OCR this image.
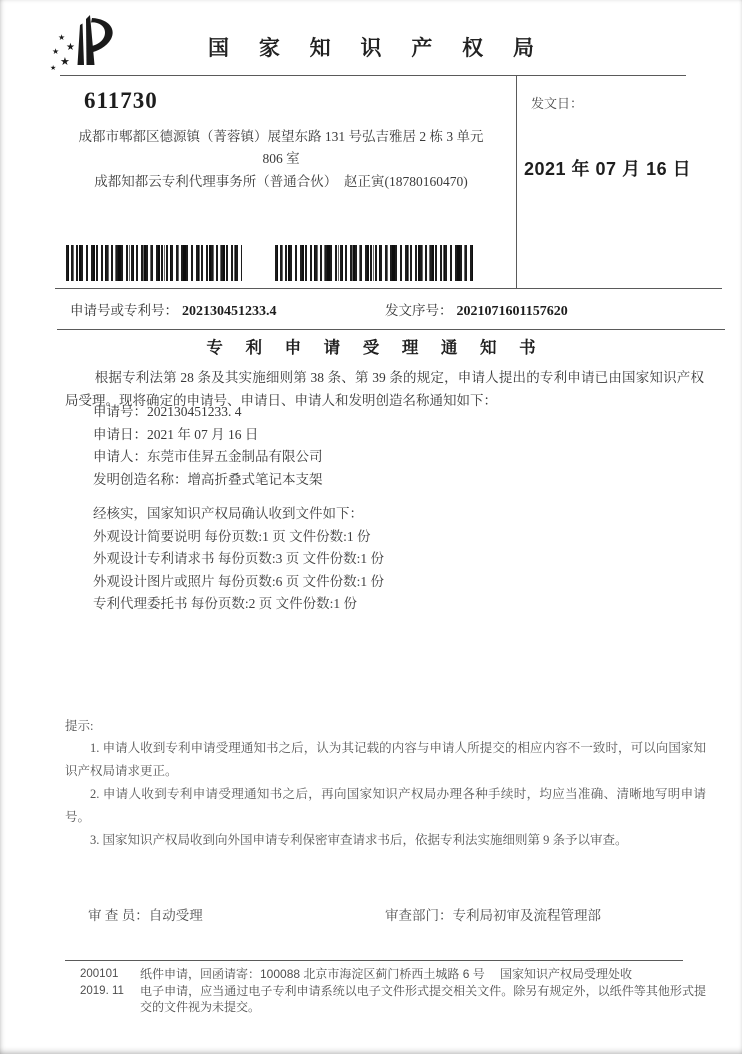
★
★
★
★
★
国 家 知 识 产 权 局
611730
成都市郫都区德源镇（菁蓉镇）展望东路 131 号弘吉雅居 2 栋 3 单元
806 室
成都知都云专利代理事务所（普通合伙）　赵正寅(18780160470)
发文日：
2021 年 07 月 16 日
申请号或专利号： 202130451233.4	发文序号： 2021071601157620
专 利 申 请 受 理 通 知 书
根据专利法第 28 条及其实施细则第 38 条、第 39 条的规定，申请人提出的专利申请已由国家知识产权局受理。现将确定的申请号、申请日、申请人和发明创造名称通知如下：
申请号：202130451233. 4
申请日：2021 年 07 月 16 日
申请人：东莞市佳昇五金制品有限公司
发明创造名称：增高折叠式笔记本支架
经核实，国家知识产权局确认收到文件如下：
外观设计简要说明 每份页数:1 页 文件份数:1 份
外观设计专利请求书 每份页数:3 页 文件份数:1 份
外观设计图片或照片 每份页数:6 页 文件份数:1 份
专利代理委托书 每份页数:2 页 文件份数:1 份
提示:
1. 申请人收到专利申请受理通知书之后，认为其记载的内容与申请人所提交的相应内容不一致时，可以向国家知识产权局请求更正。
2. 申请人收到专利申请受理通知书之后，再向国家知识产权局办理各种手续时，均应当准确、清晰地写明申请号。
3. 国家知识产权局收到向外国申请专利保密审查请求书后，依据专利法实施细则第 9 条予以审查。
审 查 员：自动受理	审查部门：专利局初审及流程管理部
200101
2019. 11
纸件申请，回函请寄：100088 北京市海淀区蓟门桥西土城路 6 号　 国家知识产权局受理处收
电子申请，应当通过电子专利申请系统以电子文件形式提交相关文件。除另有规定外，以纸件等其他形式提交的文件视为未提交。
